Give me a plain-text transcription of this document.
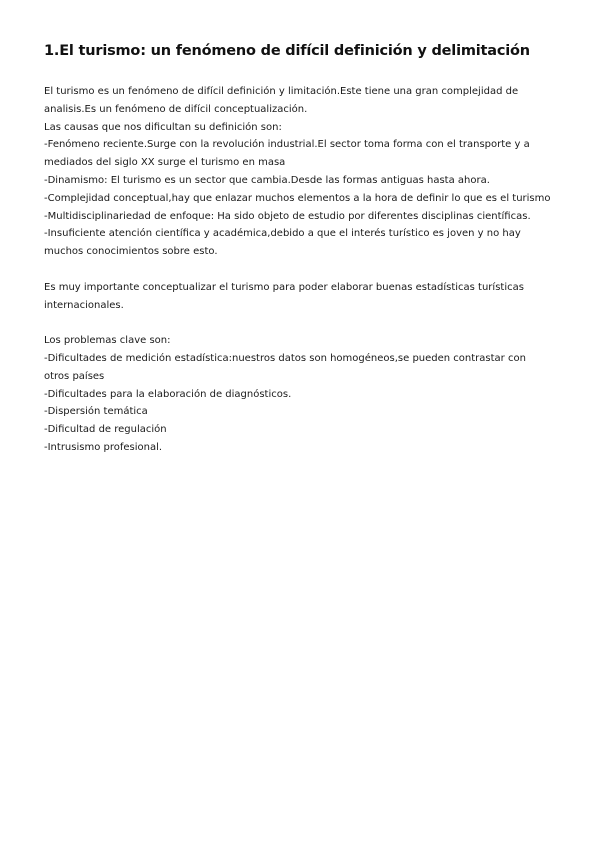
1.El turismo: un fenómeno de difícil definición y delimitación
El turismo es un fenómeno de difícil definición y limitación.Este tiene una gran complejidad de
analisis.Es un fenómeno de difícil conceptualización.
Las causas que nos dificultan su definición son:
-Fenómeno reciente.Surge con la revolución industrial.El sector toma forma con el transporte y a
mediados del siglo XX surge el turismo en masa
-Dinamismo: El turismo es un sector que cambia.Desde las formas antiguas hasta ahora.
-Complejidad conceptual,hay que enlazar muchos elementos a la hora de definir lo que es el turismo
-Multidisciplinariedad de enfoque: Ha sido objeto de estudio por diferentes disciplinas científicas.
-Insuficiente atención científica y académica,debido a que el interés turístico es joven y no hay
muchos conocimientos sobre esto.
Es muy importante conceptualizar el turismo para poder elaborar buenas estadísticas turísticas
internacionales.
Los problemas clave son:
-Dificultades de medición estadística:nuestros datos son homogéneos,se pueden contrastar con
otros países
-Dificultades para la elaboración de diagnósticos.
-Dispersión temática
-Dificultad de regulación
-Intrusismo profesional.
